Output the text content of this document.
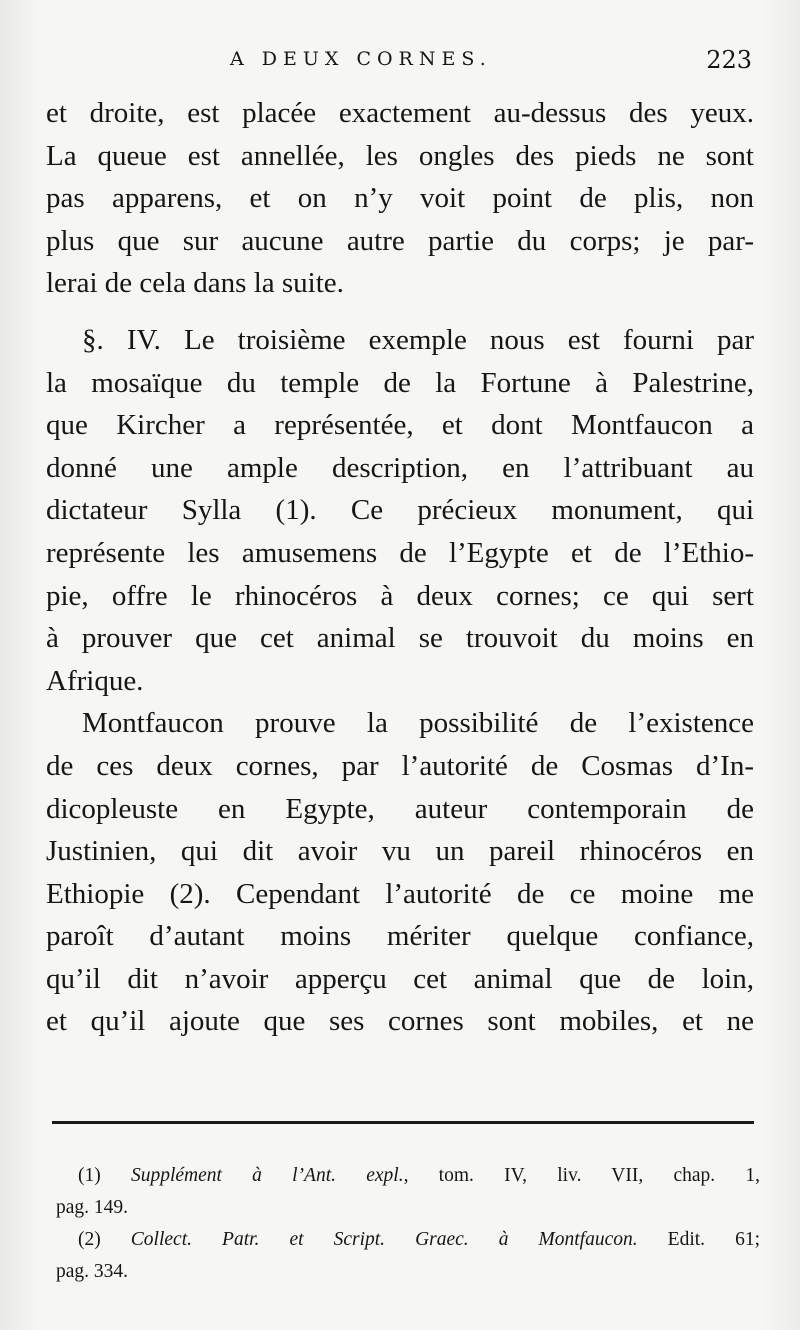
A DEUX CORNES.	223
et droite, est placée exactement au-dessus des yeux.
La queue est annellée, les ongles des pieds ne sont
pas apparens, et on n’y voit point de plis, non
plus que sur aucune autre partie du corps; je par-
lerai de cela dans la suite.
§. IV. Le troisième exemple nous est fourni par
la mosaïque du temple de la Fortune à Palestrine,
que Kircher a représentée, et dont Montfaucon a
donné une ample description, en l’attribuant au
dictateur Sylla (1). Ce précieux monument, qui
représente les amusemens de l’Egypte et de l’Ethio-
pie, offre le rhinocéros à deux cornes; ce qui sert
à prouver que cet animal se trouvoit du moins en
Afrique.
Montfaucon prouve la possibilité de l’existence
de ces deux cornes, par l’autorité de Cosmas d’In-
dicopleuste en Egypte, auteur contemporain de
Justinien, qui dit avoir vu un pareil rhinocéros en
Ethiopie (2). Cependant l’autorité de ce moine me
paroît d’autant moins mériter quelque confiance,
qu’il dit n’avoir apperçu cet animal que de loin,
et qu’il ajoute que ses cornes sont mobiles, et ne
(1) Supplément à l’Ant. expl., tom. IV, liv. VII, chap. 1,
pag. 149.
(2) Collect. Patr. et Script. Graec. à Montfaucon. Edit. 61;
pag. 334.
